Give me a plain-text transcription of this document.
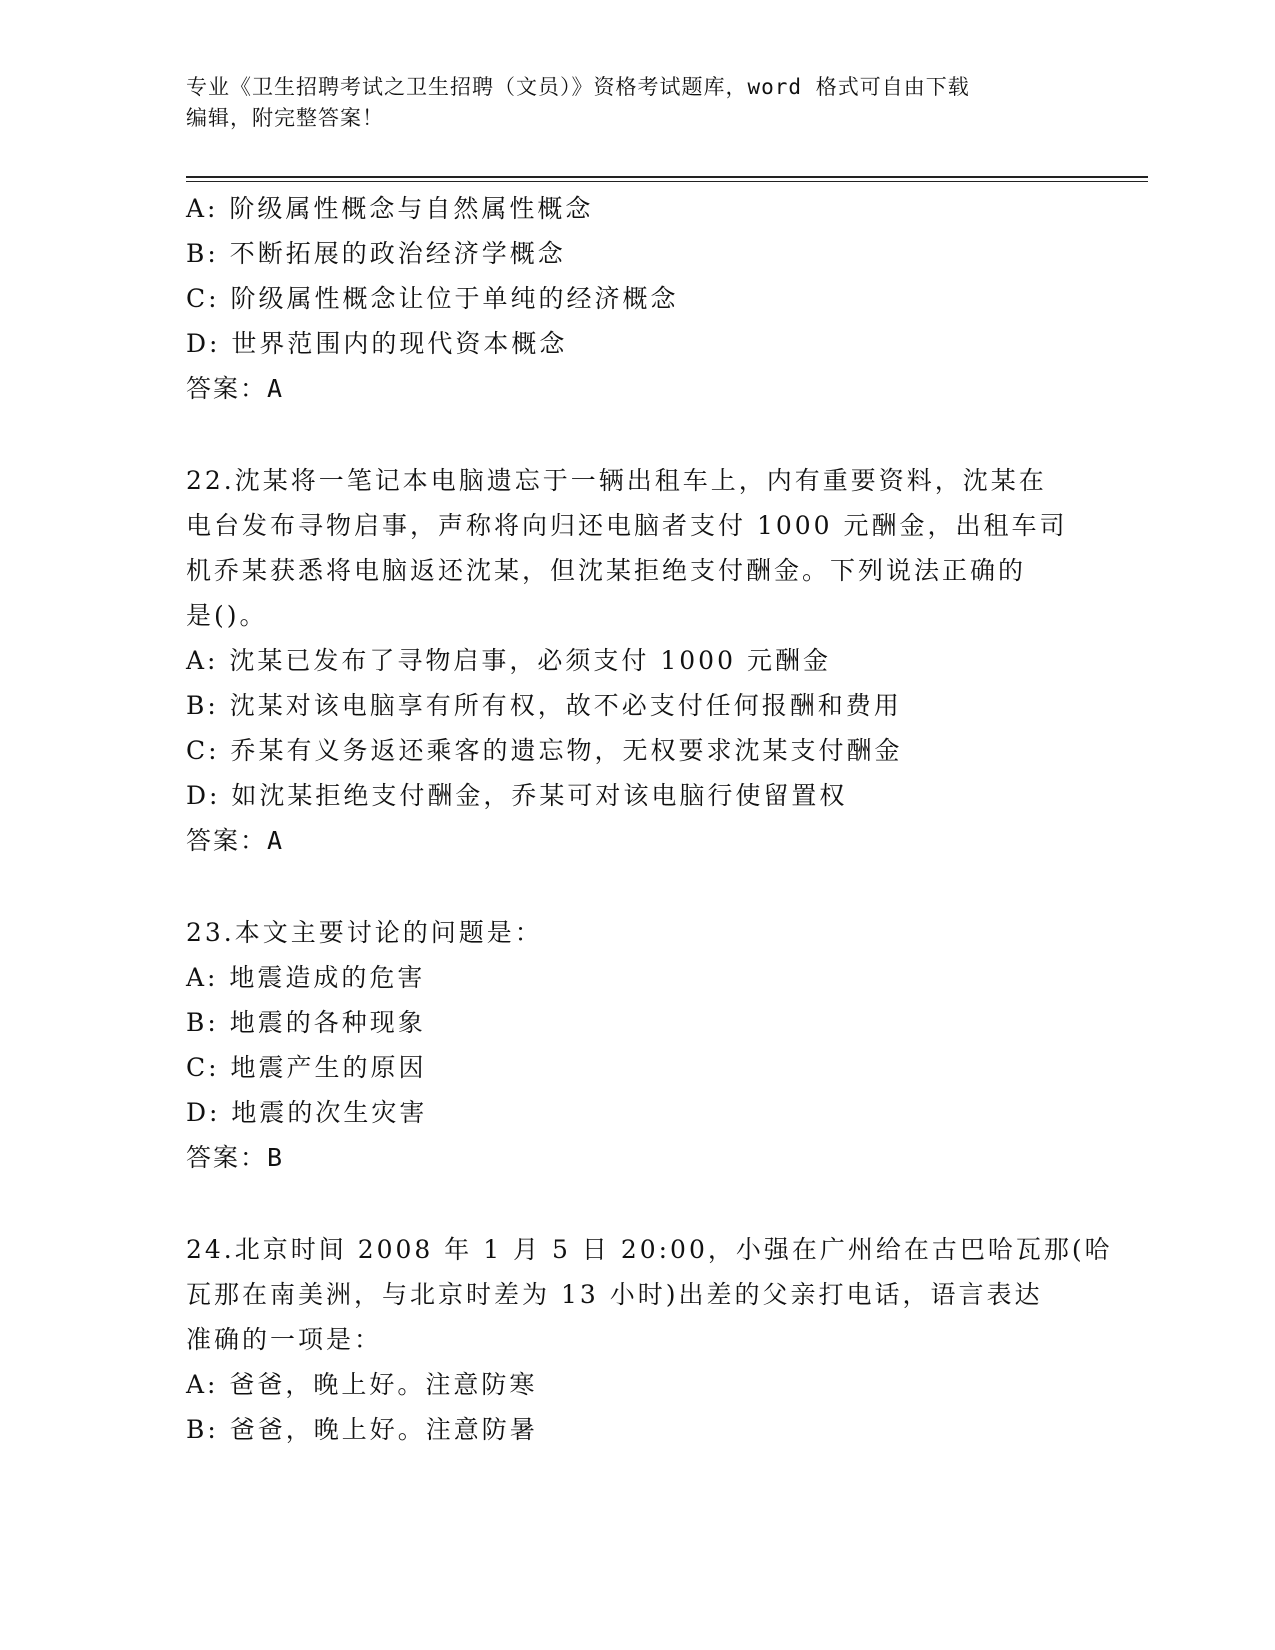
专业《卫生招聘考试之卫生招聘（文员）》资格考试题库，word 格式可自由下载
编辑，附完整答案！
A: 阶级属性概念与自然属性概念
B: 不断拓展的政治经济学概念
C: 阶级属性概念让位于单纯的经济概念
D: 世界范围内的现代资本概念
答案：A
22.沈某将一笔记本电脑遗忘于一辆出租车上，内有重要资料，沈某在
电台发布寻物启事，声称将向归还电脑者支付 1000 元酬金，出租车司
机乔某获悉将电脑返还沈某，但沈某拒绝支付酬金。下列说法正确的
是()。
A: 沈某已发布了寻物启事，必须支付 1000 元酬金
B: 沈某对该电脑享有所有权，故不必支付任何报酬和费用
C: 乔某有义务返还乘客的遗忘物，无权要求沈某支付酬金
D: 如沈某拒绝支付酬金，乔某可对该电脑行使留置权
答案：A
23.本文主要讨论的问题是：
A: 地震造成的危害
B: 地震的各种现象
C: 地震产生的原因
D: 地震的次生灾害
答案：B
24.北京时间 2008 年 1 月 5 日 20:00，小强在广州给在古巴哈瓦那(哈
瓦那在南美洲，与北京时差为 13 小时)出差的父亲打电话，语言表达
准确的一项是：
A: 爸爸，晚上好。注意防寒
B: 爸爸，晚上好。注意防暑
